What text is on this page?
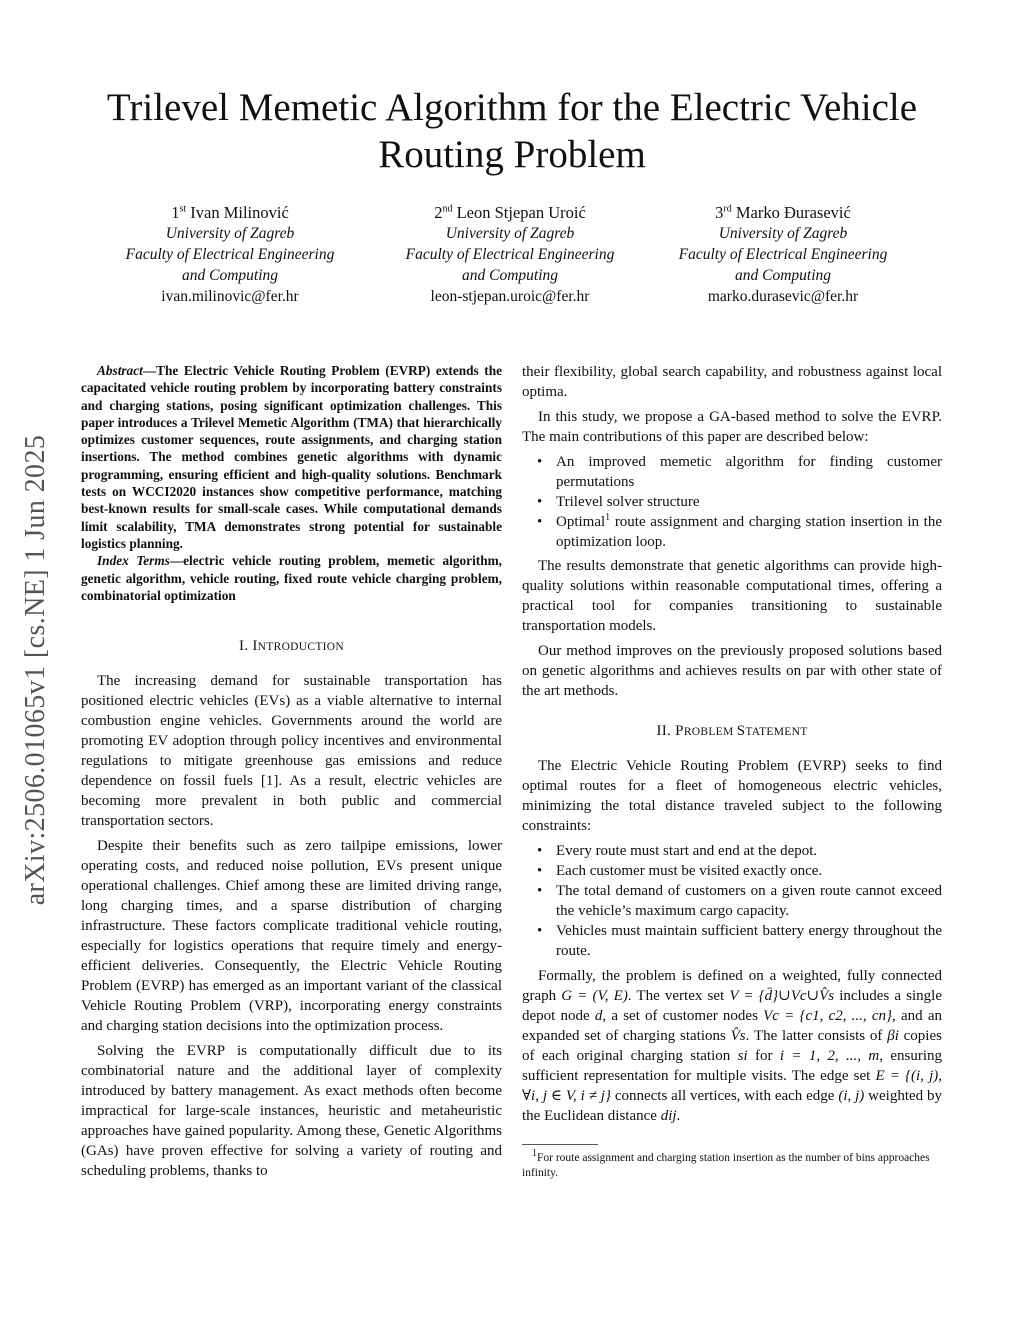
Trilevel Memetic Algorithm for the Electric Vehicle Routing Problem
arXiv:2506.01065v1 [cs.NE] 1 Jun 2025
1st Ivan Milinović
University of Zagreb
Faculty of Electrical Engineering
and Computing
ivan.milinovic@fer.hr
2nd Leon Stjepan Uroić
University of Zagreb
Faculty of Electrical Engineering
and Computing
leon-stjepan.uroic@fer.hr
3rd Marko Đurasević
University of Zagreb
Faculty of Electrical Engineering
and Computing
marko.durasevic@fer.hr

Abstract—The Electric Vehicle Routing Problem (EVRP) extends the capacitated vehicle routing problem by incorporating battery constraints and charging stations, posing significant optimization challenges. This paper introduces a Trilevel Memetic Algorithm (TMA) that hierarchically optimizes customer sequences, route assignments, and charging station insertions. The method combines genetic algorithms with dynamic programming, ensuring efficient and high-quality solutions. Benchmark tests on WCCI2020 instances show competitive performance, matching best-known results for small-scale cases. While computational demands limit scalability, TMA demonstrates strong potential for sustainable logistics planning.

Index Terms—electric vehicle routing problem, memetic algorithm, genetic algorithm, vehicle routing, fixed route vehicle charging problem, combinatorial optimization

I. INTRODUCTION

The increasing demand for sustainable transportation has positioned electric vehicles (EVs) as a viable alternative to internal combustion engine vehicles. Governments around the world are promoting EV adoption through policy incentives and environmental regulations to mitigate greenhouse gas emissions and reduce dependence on fossil fuels [1]. As a result, electric vehicles are becoming more prevalent in both public and commercial transportation sectors.

Despite their benefits such as zero tailpipe emissions, lower operating costs, and reduced noise pollution, EVs present unique operational challenges. Chief among these are limited driving range, long charging times, and a sparse distribution of charging infrastructure. These factors complicate traditional vehicle routing, especially for logistics operations that require timely and energy-efficient deliveries. Consequently, the Electric Vehicle Routing Problem (EVRP) has emerged as an important variant of the classical Vehicle Routing Problem (VRP), incorporating energy constraints and charging station decisions into the optimization process.

Solving the EVRP is computationally difficult due to its combinatorial nature and the additional layer of complexity introduced by battery management. As exact methods often become impractical for large-scale instances, heuristic and metaheuristic approaches have gained popularity. Among these, Genetic Algorithms (GAs) have proven effective for solving a variety of routing and scheduling problems, thanks to

their flexibility, global search capability, and robustness against local optima.

In this study, we propose a GA-based method to solve the EVRP. The main contributions of this paper are described below:

• An improved memetic algorithm for finding customer permutations
• Trilevel solver structure
• Optimal$^1$ route assignment and charging station insertion in the optimization loop.

The results demonstrate that genetic algorithms can provide high-quality solutions within reasonable computational times, offering a practical tool for companies transitioning to sustainable transportation models.

Our method improves on the previously proposed solutions based on genetic algorithms and achieves results on par with other state of the art methods.

II. PROBLEM STATEMENT

The Electric Vehicle Routing Problem (EVRP) seeks to find optimal routes for a fleet of homogeneous electric vehicles, minimizing the total distance traveled subject to the following constraints:

• Every route must start and end at the depot.
• Each customer must be visited exactly once.
• The total demand of customers on a given route cannot exceed the vehicle’s maximum cargo capacity.
• Vehicles must maintain sufficient battery energy throughout the route.

Formally, the problem is defined on a weighted, fully connected graph G = (V, E). The vertex set V = {d̄}∪Vc∪V̂s includes a single depot node d, a set of customer nodes Vc = {c1, c2, ..., cn}, and an expanded set of charging stations V̂s. The latter consists of βi copies of each original charging station si for i = 1, 2, ..., m, ensuring sufficient representation for multiple visits. The edge set E = {(i, j), ∀i, j ∈ V, i ≠ j} connects all vertices, with each edge (i, j) weighted by the Euclidean distance dij.

$^1$For route assignment and charging station insertion as the number of bins approaches infinity.
